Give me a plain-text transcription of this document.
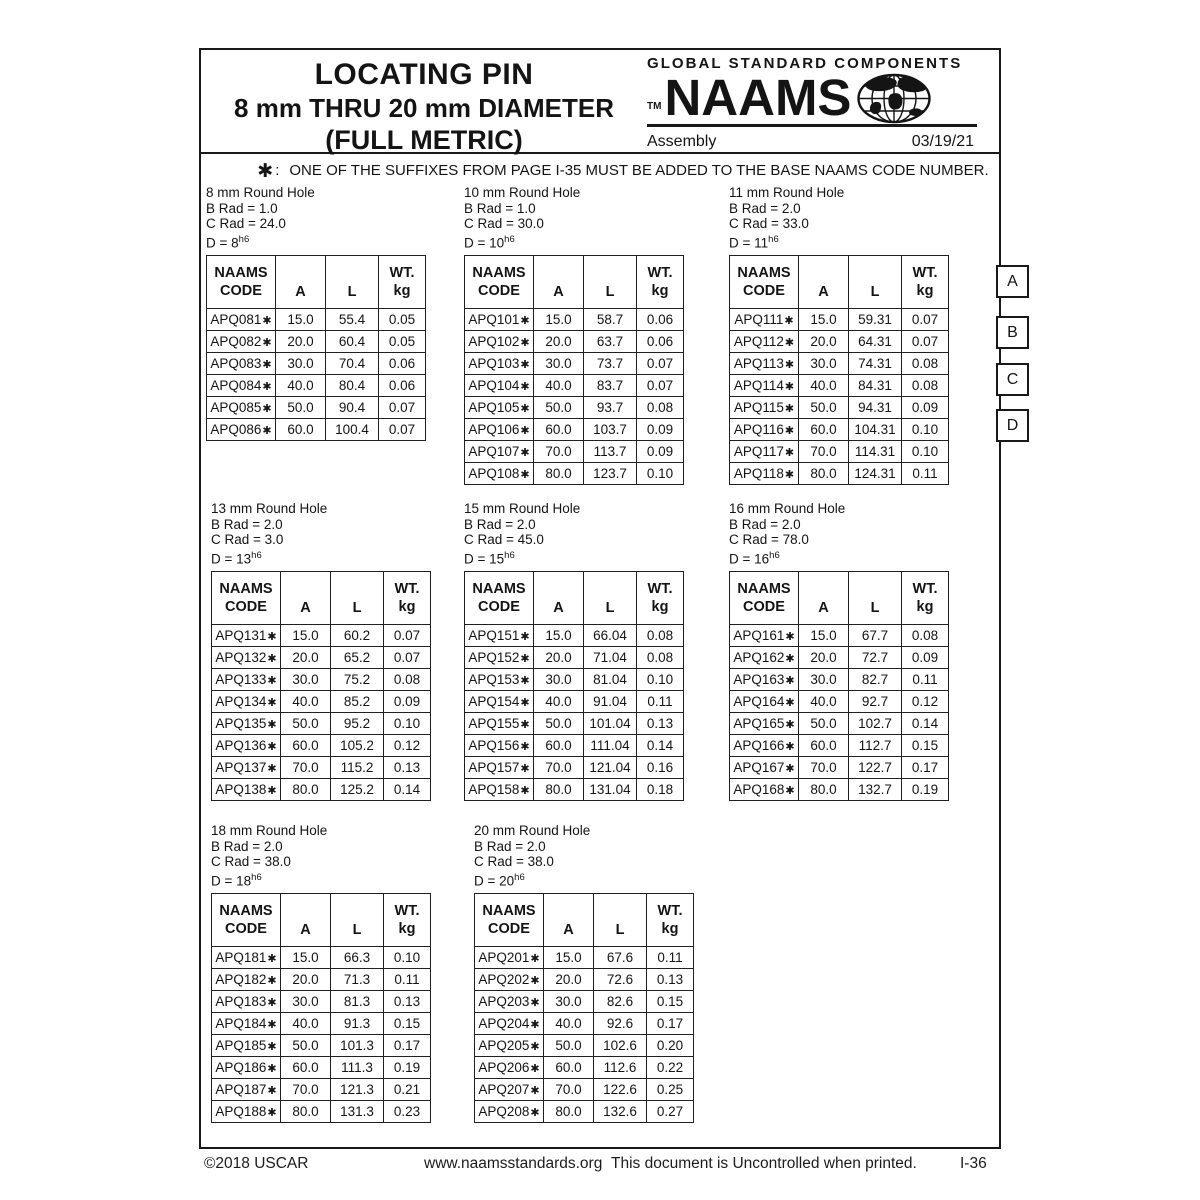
LOCATING PIN
8 mm THRU 20 mm DIAMETER
(FULL METRIC)
GLOBAL STANDARD COMPONENTS
TM NAAMS
Assembly	03/19/21
✱ : ONE OF THE SUFFIXES FROM PAGE I-35 MUST BE ADDED TO THE BASE NAAMS CODE NUMBER.
8 mm Round Hole
B Rad = 1.0
C Rad = 24.0
$D = 8^{h6}$
NAAMS
CODE	A	L	WT.
kg
APQ081✱	15.0	55.4	0.05
APQ082✱	20.0	60.4	0.05
APQ083✱	30.0	70.4	0.06
APQ084✱	40.0	80.4	0.06
APQ085✱	50.0	90.4	0.07
APQ086✱	60.0	100.4	0.07
10 mm Round Hole
B Rad = 1.0
C Rad = 30.0
$D = 10^{h6}$
NAAMS
CODE	A	L	WT.
kg
APQ101✱	15.0	58.7	0.06
APQ102✱	20.0	63.7	0.06
APQ103✱	30.0	73.7	0.07
APQ104✱	40.0	83.7	0.07
APQ105✱	50.0	93.7	0.08
APQ106✱	60.0	103.7	0.09
APQ107✱	70.0	113.7	0.09
APQ108✱	80.0	123.7	0.10
11 mm Round Hole
B Rad = 2.0
C Rad = 33.0
$D = 11^{h6}$
NAAMS
CODE	A	L	WT.
kg
APQ111✱	15.0	59.31	0.07
APQ112✱	20.0	64.31	0.07
APQ113✱	30.0	74.31	0.08
APQ114✱	40.0	84.31	0.08
APQ115✱	50.0	94.31	0.09
APQ116✱	60.0	104.31	0.10
APQ117✱	70.0	114.31	0.10
APQ118✱	80.0	124.31	0.11
13 mm Round Hole
B Rad = 2.0
C Rad = 3.0
$D = 13^{h6}$
NAAMS
CODE	A	L	WT.
kg
APQ131✱	15.0	60.2	0.07
APQ132✱	20.0	65.2	0.07
APQ133✱	30.0	75.2	0.08
APQ134✱	40.0	85.2	0.09
APQ135✱	50.0	95.2	0.10
APQ136✱	60.0	105.2	0.12
APQ137✱	70.0	115.2	0.13
APQ138✱	80.0	125.2	0.14
15 mm Round Hole
B Rad = 2.0
C Rad = 45.0
$D = 15^{h6}$
NAAMS
CODE	A	L	WT.
kg
APQ151✱	15.0	66.04	0.08
APQ152✱	20.0	71.04	0.08
APQ153✱	30.0	81.04	0.10
APQ154✱	40.0	91.04	0.11
APQ155✱	50.0	101.04	0.13
APQ156✱	60.0	111.04	0.14
APQ157✱	70.0	121.04	0.16
APQ158✱	80.0	131.04	0.18
16 mm Round Hole
B Rad = 2.0
C Rad = 78.0
$D = 16^{h6}$
NAAMS
CODE	A	L	WT.
kg
APQ161✱	15.0	67.7	0.08
APQ162✱	20.0	72.7	0.09
APQ163✱	30.0	82.7	0.11
APQ164✱	40.0	92.7	0.12
APQ165✱	50.0	102.7	0.14
APQ166✱	60.0	112.7	0.15
APQ167✱	70.0	122.7	0.17
APQ168✱	80.0	132.7	0.19
18 mm Round Hole
B Rad = 2.0
C Rad = 38.0
$D = 18^{h6}$
NAAMS
CODE	A	L	WT.
kg
APQ181✱	15.0	66.3	0.10
APQ182✱	20.0	71.3	0.11
APQ183✱	30.0	81.3	0.13
APQ184✱	40.0	91.3	0.15
APQ185✱	50.0	101.3	0.17
APQ186✱	60.0	111.3	0.19
APQ187✱	70.0	121.3	0.21
APQ188✱	80.0	131.3	0.23
20 mm Round Hole
B Rad = 2.0
C Rad = 38.0
$D = 20^{h6}$
NAAMS
CODE	A	L	WT.
kg
APQ201✱	15.0	67.6	0.11
APQ202✱	20.0	72.6	0.13
APQ203✱	30.0	82.6	0.15
APQ204✱	40.0	92.6	0.17
APQ205✱	50.0	102.6	0.20
APQ206✱	60.0	112.6	0.22
APQ207✱	70.0	122.6	0.25
APQ208✱	80.0	132.6	0.27
A
B
C
D
©2018 USCAR	www.naamsstandards.org This document is Uncontrolled when printed.	I-36
